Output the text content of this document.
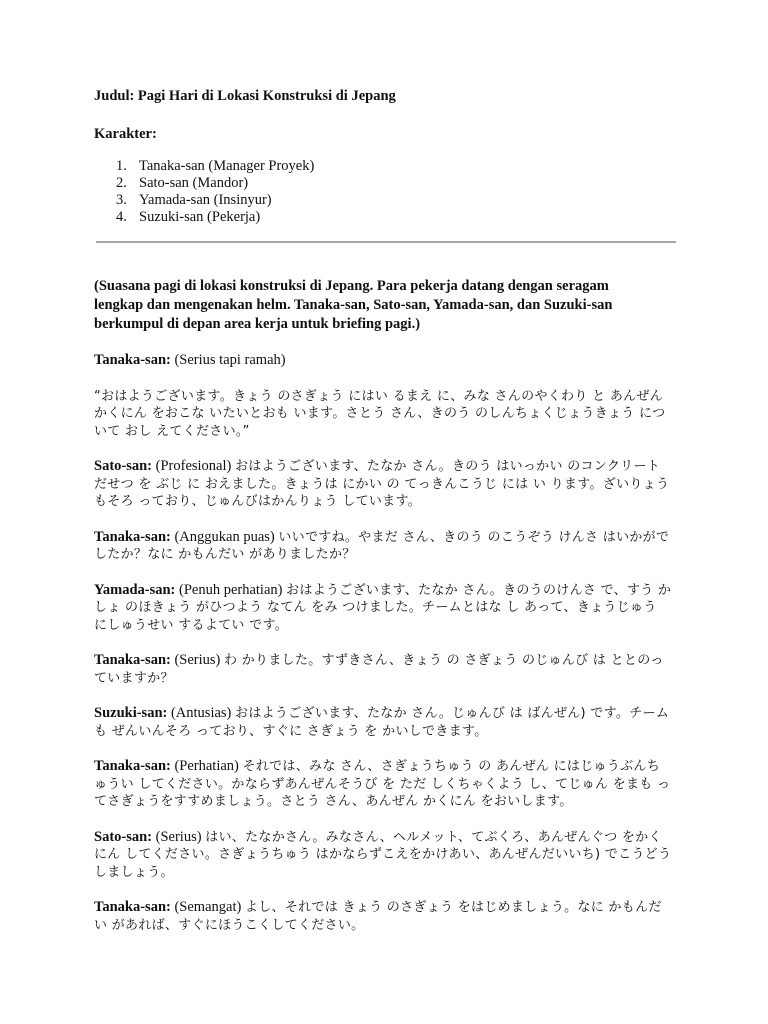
Judul: Pagi Hari di Lokasi Konstruksi di Jepang
Karakter:
1. Tanaka-san (Manager Proyek)
2. Sato-san (Mandor)
3. Yamada-san (Insinyur)
4. Suzuki-san (Pekerja)
(Suasana pagi di lokasi konstruksi di Jepang. Para pekerja datang dengan seragam lengkap dan mengenakan helm. Tanaka-san, Sato-san, Yamada-san, dan Suzuki-san berkumpul di depan area kerja untuk briefing pagi.)
Tanaka-san: (Serius tapi ramah)
“おはようございます。きょう のさぎょう にはい るまえ に、みな さんのやくわり と あんぜん かくにん をおこな いたいとおも います。さとう さん、きのう のしんちょくじょうきょう について おし えてください。”
Sato-san: (Profesional) おはようございます、たなか さん。きのう はいっかい のコンクリート だせつ を ぶじ に おえました。きょうは にかい の てっきんこうじ には い ります。ざいりょう もそろ っており、じゅんびはかんりょう しています。
Tanaka-san: (Anggukan puas) いいですね。やまだ さん、きのう のこうぞう けんさ はいかがでしたか？なに かもんだい がありましたか？
Yamada-san: (Penuh perhatian) おはようございます、たなか さん。きのうのけんさ で、すう かしょ のほきょう がひつよう なてん をみ つけました。チームとはな し あって、きょうじゅう にしゅうせい するよてい です。
Tanaka-san: (Serius) わ かりました。すずきさん、きょう の さぎょう のじゅんび は ととのっていますか？
Suzuki-san: (Antusias) おはようございます、たなか さん。じゅんび は ばんぜん) です。チームも ぜんいんそろ っており、すぐに さぎょう を かいしできます。
Tanaka-san: (Perhatian) それでは、みな さん、さぎょうちゅう の あんぜん にはじゅうぶんちゅうい してください。かならずあんぜんそうび を ただ しくちゃくよう し、てじゅん をまも ってさぎょうをすすめましょう。さとう さん、あんぜん かくにん をおいします。
Sato-san: (Serius) はい、たなかさん。みなさん、ヘルメット、てぶくろ、あんぜんぐつ をかくにん してください。さぎょうちゅう はかならずこえをかけあい、あんぜんだいいち) でこうどう しましょう。
Tanaka-san: (Semangat) よし、それでは きょう のさぎょう をはじめましょう。なに かもんだい があれば、すぐにほうこくしてください。
